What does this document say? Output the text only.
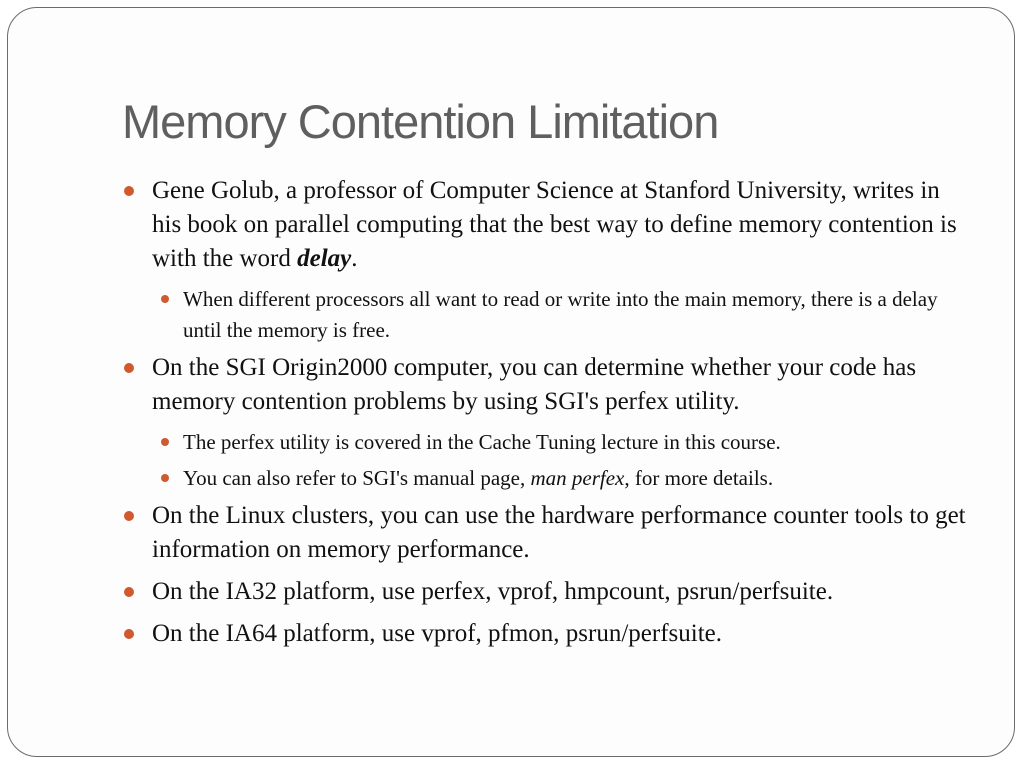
Memory Contention Limitation
Gene Golub, a professor of Computer Science at Stanford University, writes in his book on parallel computing that the best way to define memory contention is with the word delay.
When different processors all want to read or write into the main memory, there is a delay until the memory is free.
On the SGI Origin2000 computer, you can determine whether your code has memory contention problems by using SGI's perfex utility.
The perfex utility is covered in the Cache Tuning lecture in this course.
You can also refer to SGI's manual page, man perfex, for more details.
On the Linux clusters, you can use the hardware performance counter tools to get information on memory performance.
On the IA32 platform, use perfex, vprof, hmpcount, psrun/perfsuite.
On the IA64 platform, use vprof, pfmon, psrun/perfsuite.
